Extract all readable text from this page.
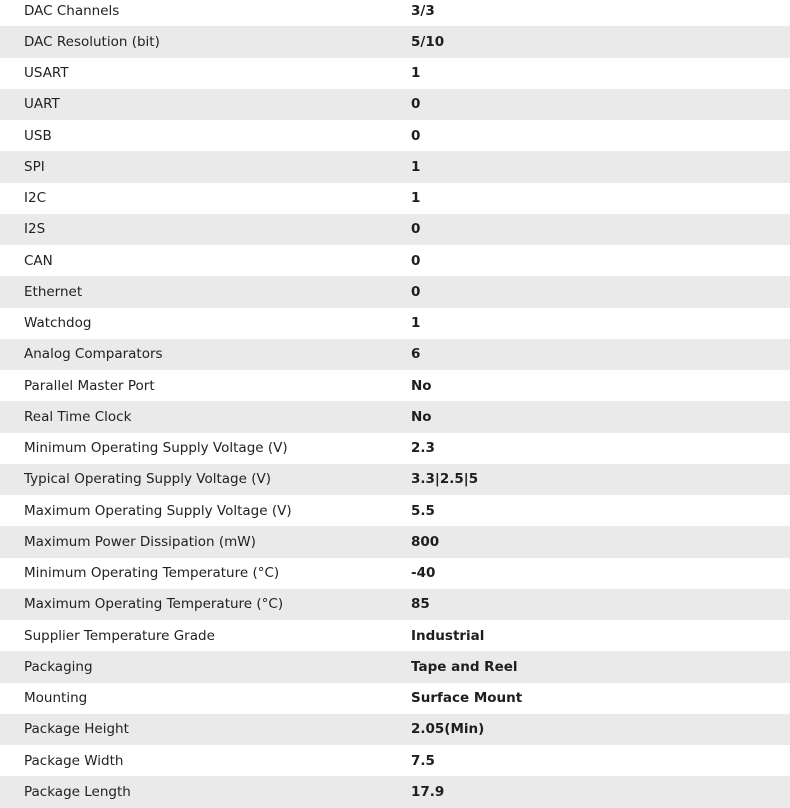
DAC Channels	3/3
DAC Resolution (bit)	5/10
USART	1
UART	0
USB	0
SPI	1
I2C	1
I2S	0
CAN	0
Ethernet	0
Watchdog	1
Analog Comparators	6
Parallel Master Port	No
Real Time Clock	No
Minimum Operating Supply Voltage (V)	2.3
Typical Operating Supply Voltage (V)	3.3|2.5|5
Maximum Operating Supply Voltage (V)	5.5
Maximum Power Dissipation (mW)	800
Minimum Operating Temperature (°C)	-40
Maximum Operating Temperature (°C)	85
Supplier Temperature Grade	Industrial
Packaging	Tape and Reel
Mounting	Surface Mount
Package Height	2.05(Min)
Package Width	7.5
Package Length	17.9
